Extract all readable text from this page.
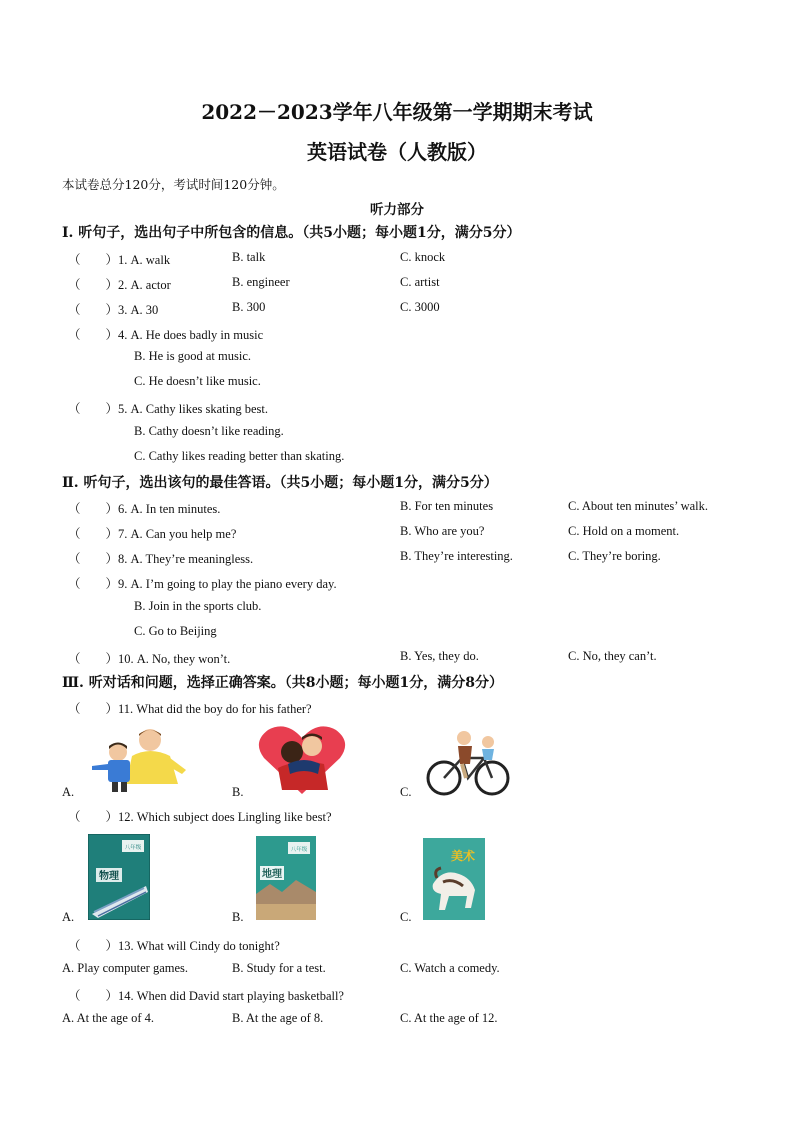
2022－2023学年八年级第一学期期末考试
英语试卷（人教版）
本试卷总分120分，考试时间120分钟。
听力部分
Ⅰ. 听句子，选出句子中所包含的信息。（共5小题；每小题1分，满分5分）
（　　）1. A. walk	B. talk	C. knock
（　　）2. A. actor	B. engineer	C. artist
（　　）3. A. 30	B. 300	C. 3000
（　　）4. A. He does badly in music
B. He is good at music.
C. He doesn’t like music.
（　　）5. A. Cathy likes skating best.
B. Cathy doesn’t like reading.
C. Cathy likes reading better than skating.
Ⅱ. 听句子，选出该句的最佳答语。（共5小题；每小题1分，满分5分）
（　　）6. A. In ten minutes.	B. For ten minutes	C. About ten minutes’ walk.
（　　）7. A. Can you help me?	B. Who are you?	C. Hold on a moment.
（　　）8. A. They’re meaningless.	B. They’re interesting.	C. They’re boring.
（　　）9. A. I’m going to play the piano every day.
B. Join in the sports club.
C. Go to Beijing
（　　）10. A. No, they won’t.	B. Yes, they do.	C. No, they can’t.
Ⅲ. 听对话和问题，选择正确答案。（共8小题；每小题1分，满分8分）
（　　）11. What did the boy do for his father?
A.	B.	C.
（　　）12. Which subject does Lingling like best?
A.
八年级
物理
B.
八年级
地理
C.
美术
（　　）13. What will Cindy do tonight?
A. Play computer games.	B. Study for a test.	C. Watch a comedy.
（　　）14. When did David start playing basketball?
A. At the age of 4.	B. At the age of 8.	C. At the age of 12.
